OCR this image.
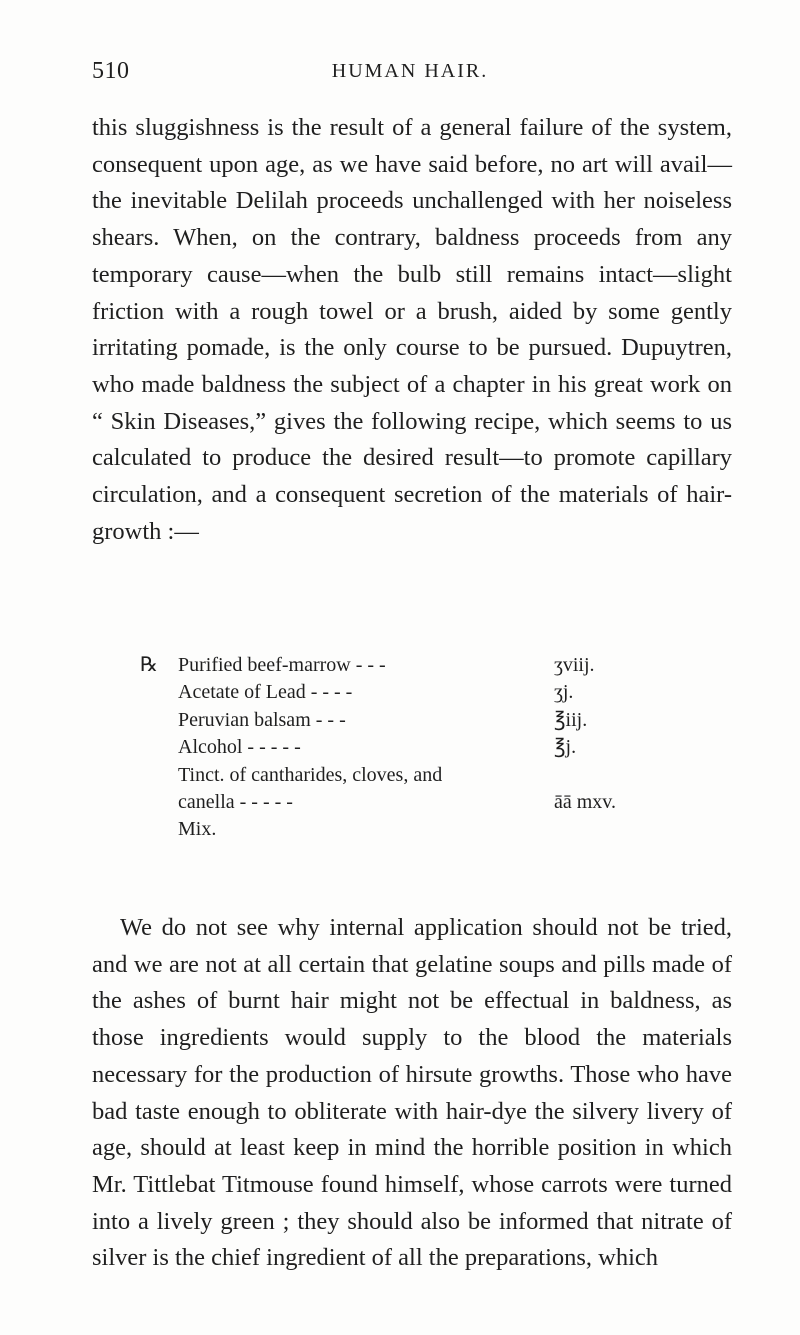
510	HUMAN HAIR.

this sluggishness is the result of a general failure of the system, consequent upon age, as we have said before, no art will avail—the inevitable Delilah proceeds unchallenged with her noiseless shears. When, on the contrary, baldness proceeds from any temporary cause—when the bulb still remains intact—slight friction with a rough towel or a brush, aided by some gently irritating pomade, is the only course to be pursued. Dupuytren, who made baldness the subject of a chapter in his great work on “ Skin Diseases,” gives the following recipe, which seems to us calculated to produce the desired result—to promote capillary circulation, and a consequent secretion of the materials of hair-growth :—

℞ Purified beef-marrow - - -	ʒviij.
Acetate of Lead - - - -	ʒj.
Peruvian balsam - - -	℥iij.
Alcohol - - - - -	℥j.
Tinct. of cantharides, cloves, and
canella - - - - -	āā mxv.
Mix.

We do not see why internal application should not be tried, and we are not at all certain that gelatine soups and pills made of the ashes of burnt hair might not be effectual in baldness, as those ingredients would supply to the blood the materials necessary for the production of hirsute growths. Those who have bad taste enough to obliterate with hair-dye the silvery livery of age, should at least keep in mind the horrible position in which Mr. Tittlebat Titmouse found himself, whose carrots were turned into a lively green ; they should also be informed that nitrate of silver is the chief ingredient of all the preparations, which
